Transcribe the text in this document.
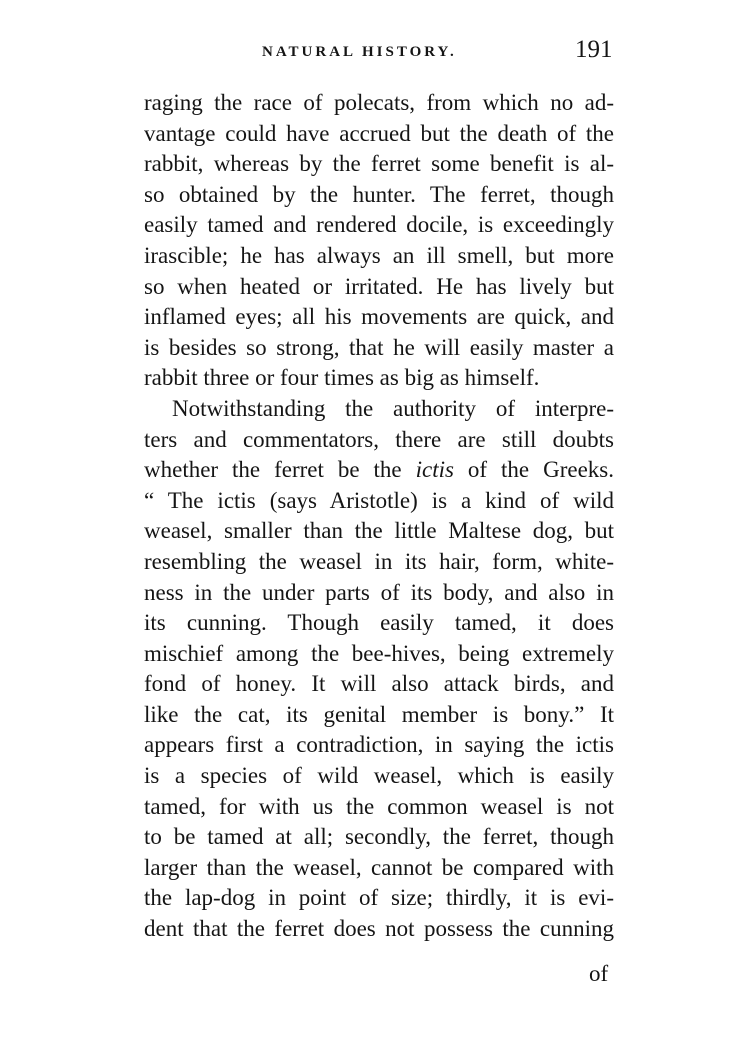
NATURAL HISTORY.	191
raging the race of polecats, from which no ad-
vantage could have accrued but the death of the
rabbit, whereas by the ferret some benefit is al-
so obtained by the hunter. The ferret, though
easily tamed and rendered docile, is exceedingly
irascible; he has always an ill smell, but more
so when heated or irritated. He has lively but
inflamed eyes; all his movements are quick, and
is besides so strong, that he will easily master a
rabbit three or four times as big as himself.
Notwithstanding the authority of interpre-
ters and commentators, there are still doubts
whether the ferret be the ictis of the Greeks.
“ The ictis (says Aristotle) is a kind of wild
weasel, smaller than the little Maltese dog, but
resembling the weasel in its hair, form, white-
ness in the under parts of its body, and also in
its cunning. Though easily tamed, it does
mischief among the bee-hives, being extremely
fond of honey. It will also attack birds, and
like the cat, its genital member is bony.” It
appears first a contradiction, in saying the ictis
is a species of wild weasel, which is easily
tamed, for with us the common weasel is not
to be tamed at all; secondly, the ferret, though
larger than the weasel, cannot be compared with
the lap-dog in point of size; thirdly, it is evi-
dent that the ferret does not possess the cunning
of
